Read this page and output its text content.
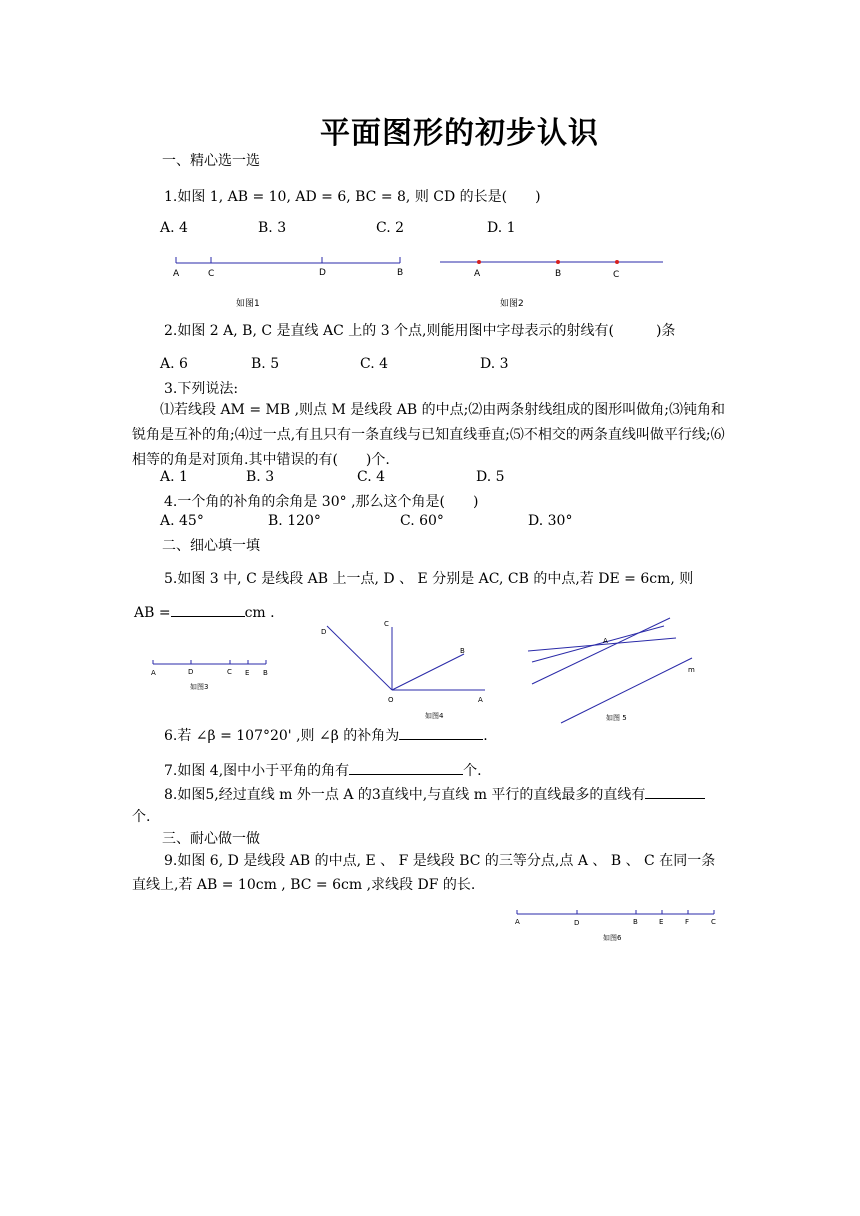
平面图形的初步认识
一、精心选一选
1.如图 1, AB = 10, AD = 6, BC = 8, 则 CD 的长是(　　)
A. 4	B. 3	C. 2	D. 1
A	C	D	B
如图1
A	B	C
如图2
2.如图 2 A, B, C 是直线 AC 上的 3 个点,则能用图中字母表示的射线有(　　　)条
A. 6	B. 5	C. 4	D. 3
3.下列说法:
⑴若线段 AM = MB ,则点 M 是线段 AB 的中点;⑵由两条射线组成的图形叫做角;⑶钝角和锐角是互补的角;⑷过一点,有且只有一条直线与已知直线垂直;⑸不相交的两条直线叫做平行线;⑹相等的角是对顶角.其中错误的有(　　)个.
A. 1	B. 3	C. 4	D. 5
4.一个角的补角的余角是 30° ,那么这个角是(　　)
A. 45°	B. 120°	C. 60°	D. 30°
二、细心填一填
5.如图 3 中, C 是线段 AB 上一点, D 、 E 分别是 AC, CB 的中点,若 DE = 6cm, 则
AB =	cm .
A	D	C E B
如图3
D
C
B
O	A
如图4
A
m
如图 5
6.若 ∠β = 107°20' ,则 ∠β 的补角为	.
7.如图 4,图中小于平角的角有	个.
8.如图5,经过直线 m 外一点 A 的3直线中,与直线 m 平行的直线最多的直线有
个.
三、耐心做一做
9.如图 6, D 是线段 AB 的中点, E 、 F 是线段 BC 的三等分点,点 A 、 B 、 C 在同一条
直线上,若 AB = 10cm , BC = 6cm ,求线段 DF 的长.
A	D	B	E	F	C
如图6
